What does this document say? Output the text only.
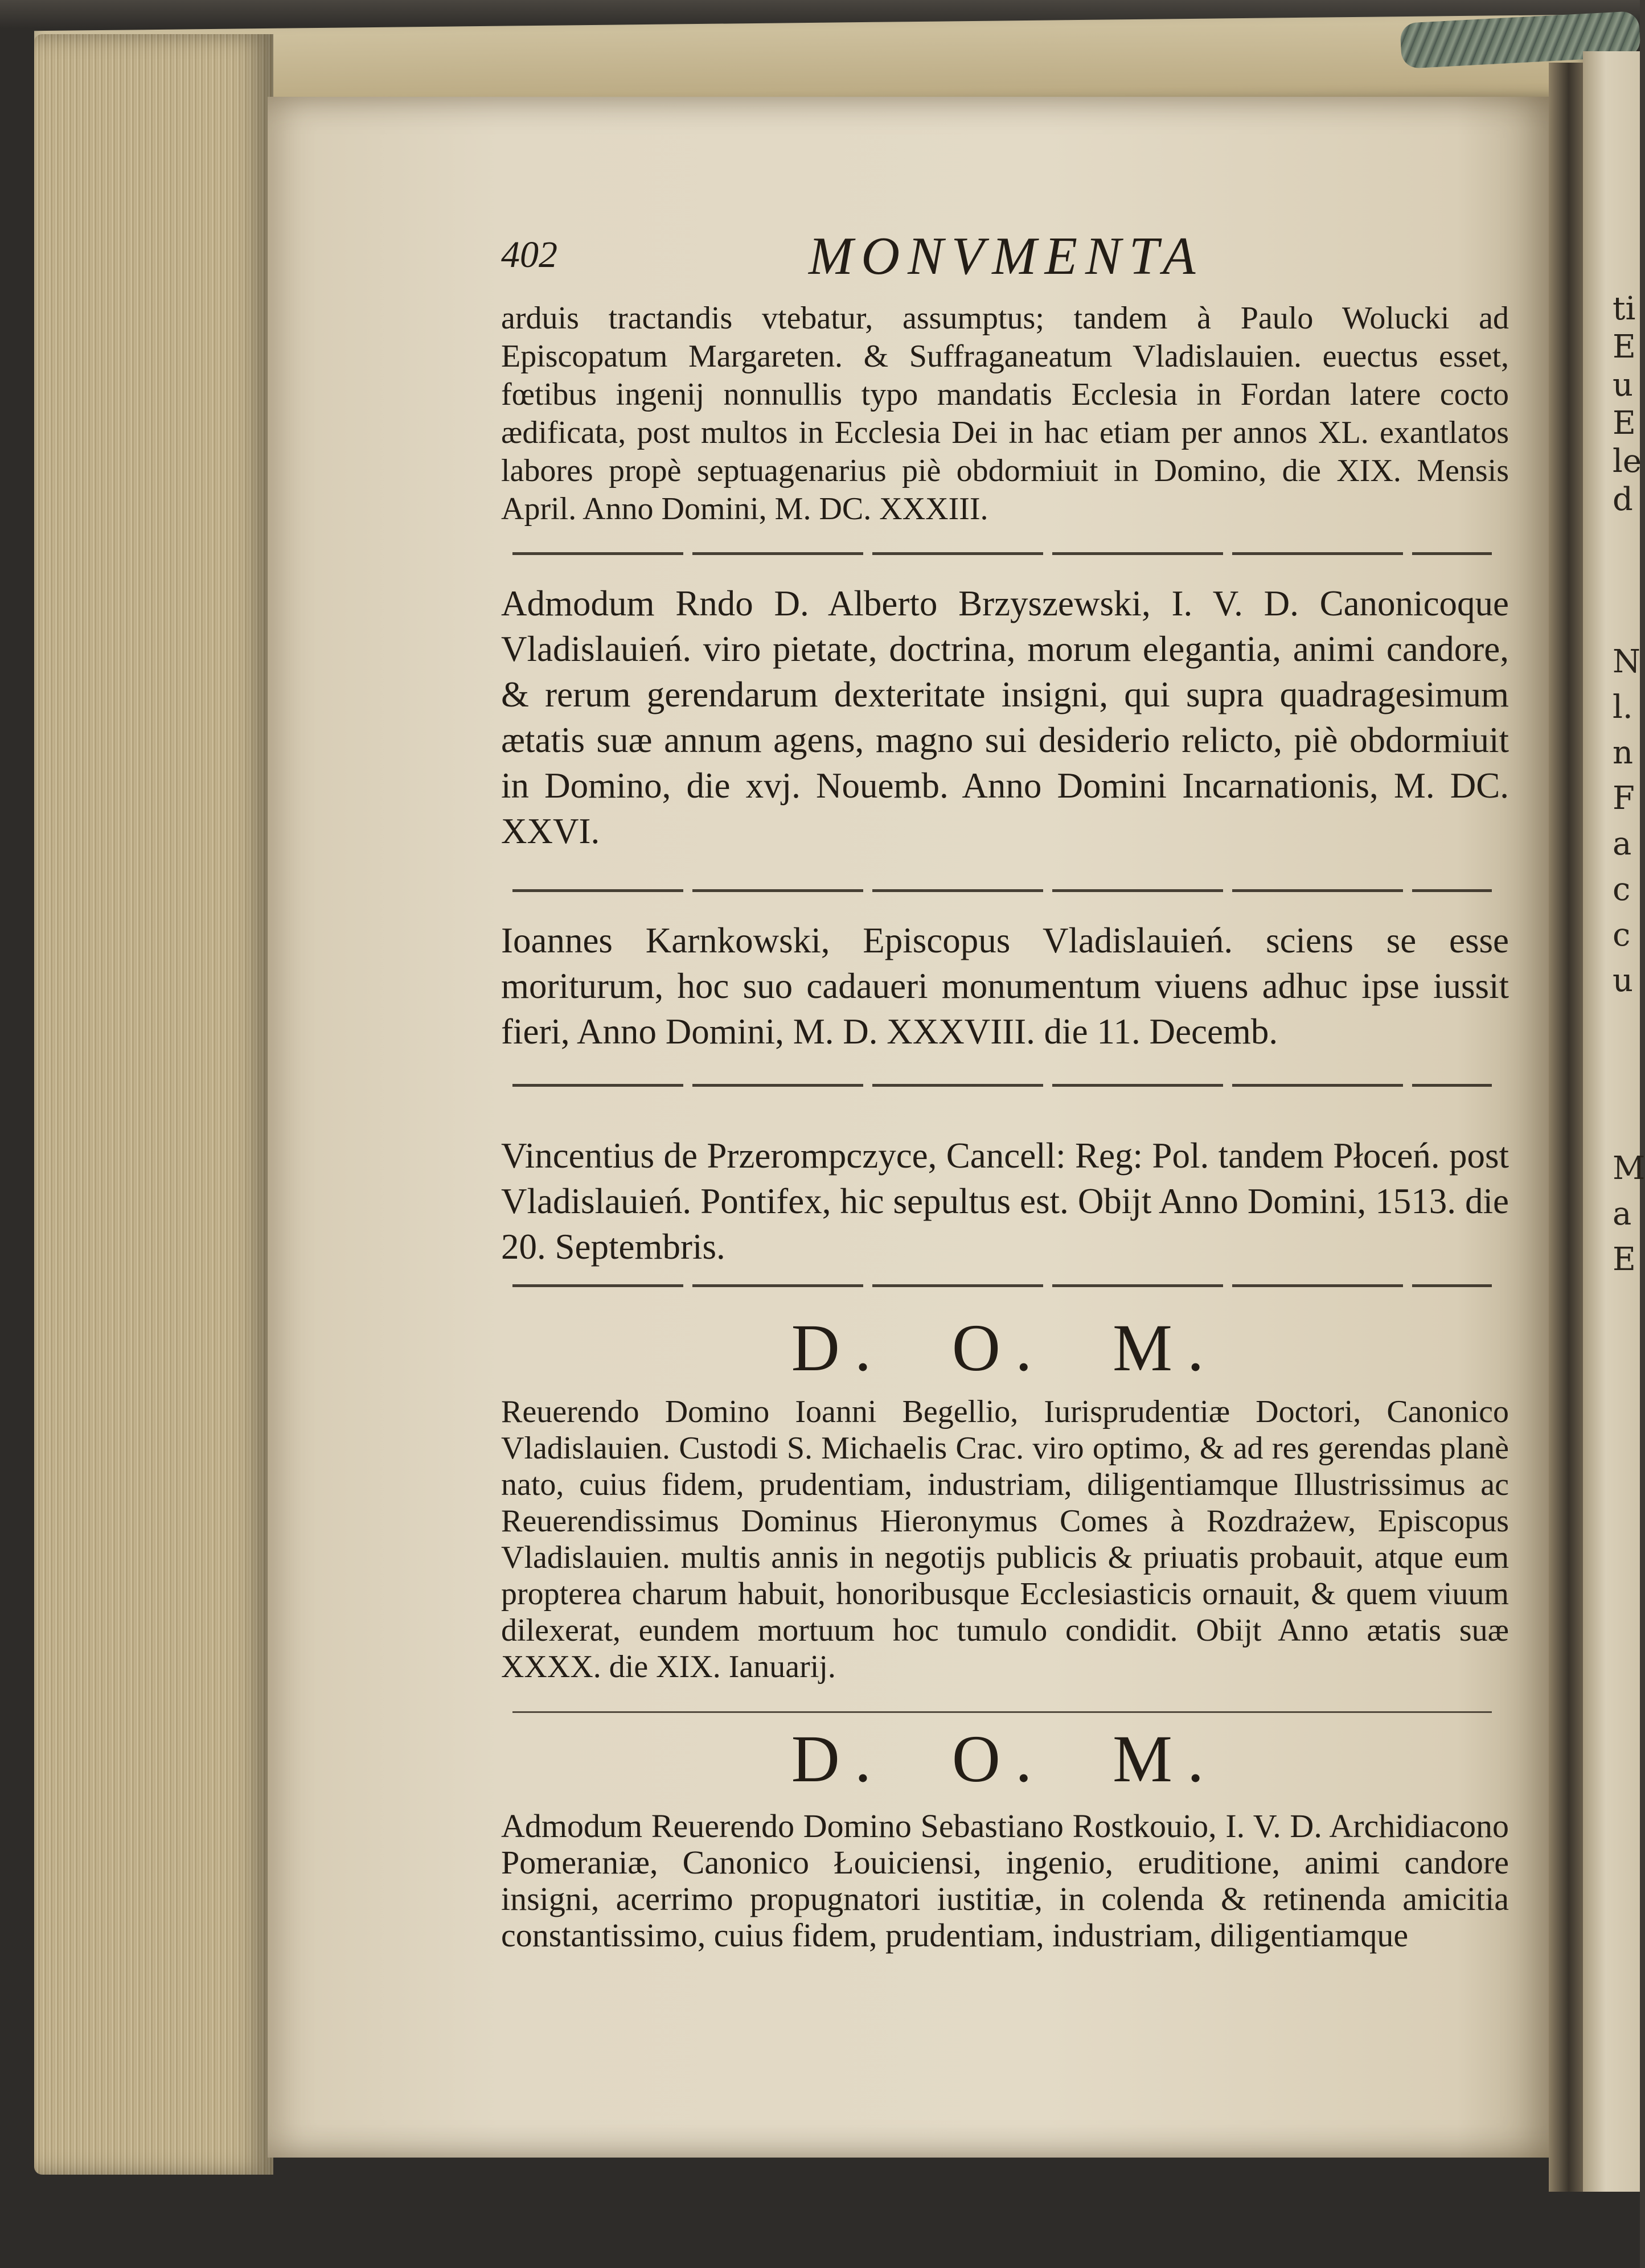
ti
E
u
E
le
d
N
l.
n
F
a
c
c
u
M
a
E
402	MONVMENTA
arduis tractandis vtebatur, assumptus; tandem à Paulo Wolucki ad Episcopatum Margareten. & Suffraganeatum Vladislauien. euectus esset, fœtibus ingenij nonnullis typo mandatis Ecclesia in Fordan latere cocto ædificata, post multos in Ecclesia Dei in hac etiam per annos XL. exantlatos labores propè septuagenarius piè obdormiuit in Domino, die XIX. Mensis April. Anno Domini, M. DC. XXXIII.
Admodum Rndo D. Alberto Brzyszewski, I. V. D. Canonicoque Vladislauień. viro pietate, doctrina, morum elegantia, animi candore, & rerum gerendarum dexteritate insigni, qui supra quadragesimum ætatis suæ annum agens, magno sui desiderio relicto, piè obdormiuit in Domino, die xvj. Nouemb. Anno Domini Incarnationis, M. DC. XXVI.
Ioannes Karnkowski, Episcopus Vladislauień. sciens se esse moriturum, hoc suo cadaueri monumentum viuens adhuc ipse iussit fieri, Anno Domini, M. D. XXXVIII. die 11. Decemb.
Vincentius de Przerompczyce, Cancell: Reg: Pol. tandem Płoceń. post Vladislauień. Pontifex, hic sepultus est. Obijt Anno Domini, 1513. die 20. Septembris.
D. O. M.
Reuerendo Domino Ioanni Begellio, Iurisprudentiæ Doctori, Canonico Vladislauien. Custodi S. Michaelis Crac. viro optimo, & ad res gerendas planè nato, cuius fidem, prudentiam, industriam, diligentiamque Illustrissimus ac Reuerendissimus Dominus Hieronymus Comes à Rozdrażew, Episcopus Vladislauien. multis annis in negotijs publicis & priuatis probauit, atque eum propterea charum habuit, honoribusque Ecclesiasticis ornauit, & quem viuum dilexerat, eundem mortuum hoc tumulo condidit. Obijt Anno ætatis suæ XXXX. die XIX. Ianuarij.
D. O. M.
Admodum Reuerendo Domino Sebastiano Rostkouio, I. V. D. Archidiacono Pomeraniæ, Canonico Łouiciensi, ingenio, eruditione, animi candore insigni, acerrimo propugnatori iustitiæ, in colenda & retinenda amicitia constantissimo, cuius fidem, prudentiam, industriam, diligentiamque
